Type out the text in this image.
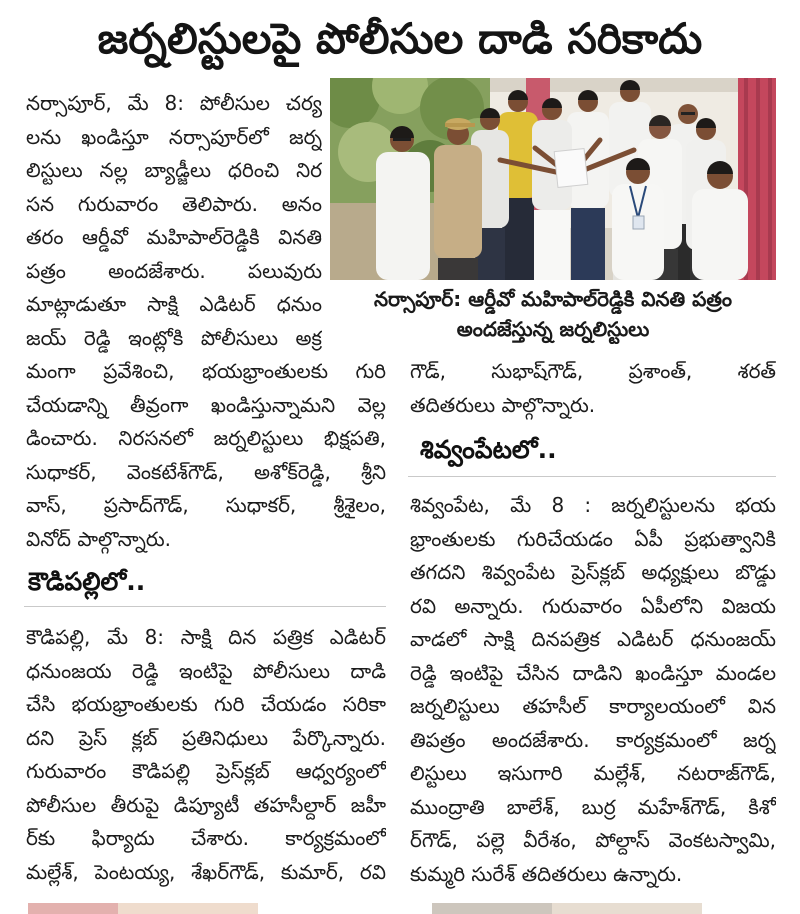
జర్నలిస్టులపై పోలీసుల దాడి సరికాదు
నర్సాపూర్: ఆర్డీవో మహిపాల్‌రెడ్డికి వినతి పత్రం
అందజేస్తున్న జర్నలిస్టులు
నర్సాపూర్, మే 8: పోలీసుల చర్య
లను ఖండిస్తూ నర్సాపూర్‌లో జర్న
లిస్టులు నల్ల బ్యాడ్జీలు ధరించి నిర
సన గురువారం తెలిపారు. అనం
తరం ఆర్డీవో మహిపాల్‌రెడ్డికి వినతి
పత్రం అందజేశారు. పలువురు
మాట్లాడుతూ సాక్షి ఎడిటర్ ధనుం
జయ్ రెడ్డి ఇంట్లోకి పోలీసులు అక్ర
మంగా ప్రవేశించి, భయభ్రాంతులకు గురి
చేయడాన్ని తీవ్రంగా ఖండిస్తున్నామని వెల్ల
డించారు. నిరసనలో జర్నలిస్టులు భిక్షపతి,
సుధాకర్, వెంకటేశ్‌గౌడ్, అశోక్‌రెడ్డి, శ్రీని
వాస్, ప్రసాద్‌గౌడ్, సుధాకర్, శ్రీశైలం,
వినోద్ పాల్గొన్నారు.
కౌడిపల్లిలో..
కౌడిపల్లి, మే 8: సాక్షి దిన పత్రిక ఎడిటర్
ధనుంజయ రెడ్డి ఇంటిపై పోలీసులు దాడి
చేసి భయభ్రాంతులకు గురి చేయడం సరికా
దని ప్రెస్ క్లబ్ ప్రతినిధులు పేర్కొన్నారు.
గురువారం కౌడిపల్లి ప్రెస్‌క్లబ్ ఆధ్వర్యంలో
పోలీసుల తీరుపై డిప్యూటీ తహసీల్దార్ జహీ
ర్‌కు ఫిర్యాదు చేశారు. కార్యక్రమంలో
మల్లేశ్, పెంటయ్య, శేఖర్‌గౌడ్, కుమార్, రవి
గౌడ్, సుభాష్‌గౌడ్, ప్రశాంత్, శరత్
తదితరులు పాల్గొన్నారు.
శివ్వంపేటలో..
శివ్వంపేట, మే 8 : జర్నలిస్టులను భయ
భ్రాంతులకు గురిచేయడం ఏపీ ప్రభుత్వానికి
తగదని శివ్వంపేట ప్రెస్‌క్లబ్ అధ్యక్షులు బొడ్డు
రవి అన్నారు. గురువారం ఏపీలోని విజయ
వాడలో సాక్షి దినపత్రిక ఎడిటర్ ధనుంజయ్
రెడ్డి ఇంటిపై చేసిన దాడిని ఖండిస్తూ మండల
జర్నలిస్టులు తహసీల్ కార్యాలయంలో విన
తిపత్రం అందజేశారు. కార్యక్రమంలో జర్న
లిస్టులు ఇసుగారి మల్లేశ్, నటరాజ్‌గౌడ్,
ముంద్రాతి బాలేశ్, బుర్ర మహేశ్‌గౌడ్, కిశో
ర్‌గౌడ్, పల్లె వీరేశం, పోల్దాస్ వెంకటస్వామి,
కుమ్మరి సురేశ్ తదితరులు ఉన్నారు.
